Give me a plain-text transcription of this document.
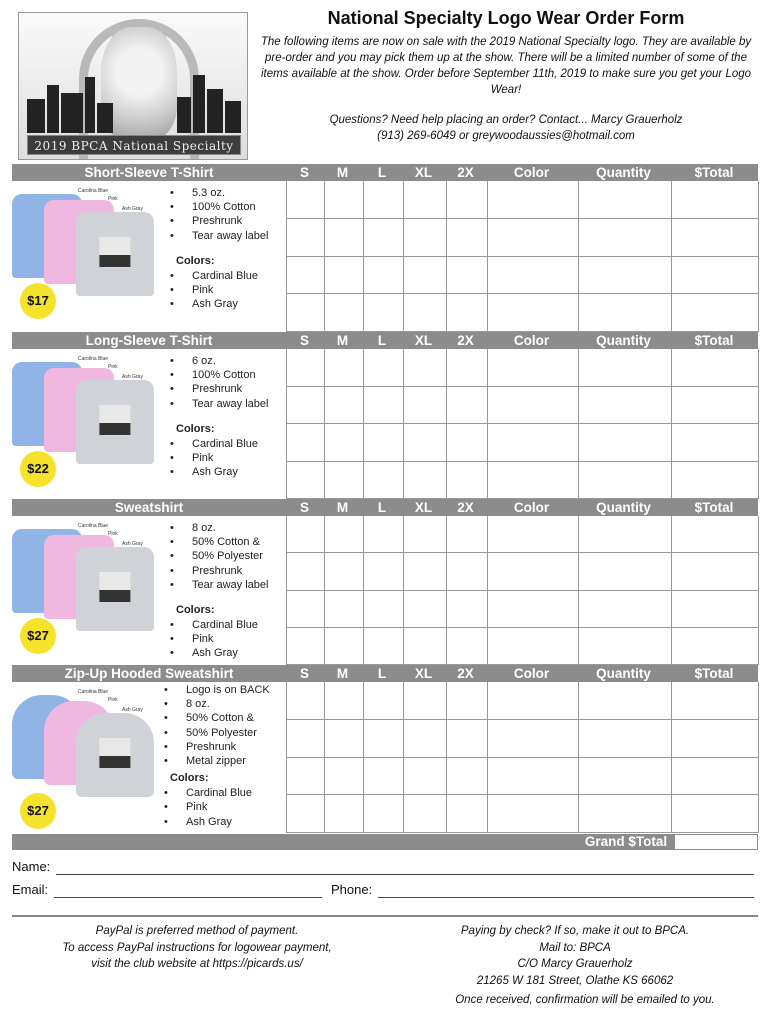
2019 BPCA National Specialty
National Specialty Logo Wear Order Form
The following items are now on sale with the 2019 National Specialty logo. They are available by pre-order and you may pick them up at the show. There will be a limited number of some of the items available at the show. Order before September 11th, 2019 to make sure you get your Logo Wear!
Questions? Need help placing an order? Contact... Marcy Grauerholz
(913) 269-6049 or greywoodaussies@hotmail.com
Short-Sleeve T-Shirt	S	M	L	XL	2X	Color	Quantity	$Total
Carolina Blue
Pink
Ash Gray
$17
• 5.3 oz.
• 100% Cotton
• Preshrunk
• Tear away label
Colors:
• Cardinal Blue
• Pink
• Ash Gray
Long-Sleeve T-Shirt	S	M	L	XL	2X	Color	Quantity	$Total
Carolina Blue
Pink
Ash Gray
$22
• 6 oz.
• 100% Cotton
• Preshrunk
• Tear away label
Colors:
• Cardinal Blue
• Pink
• Ash Gray
Sweatshirt	S	M	L	XL	2X	Color	Quantity	$Total
Carolina Blue
Pink
Ash Gray
$27
• 8 oz.
• 50% Cotton &
• 50% Polyester
• Preshrunk
• Tear away label
Colors:
• Cardinal Blue
• Pink
• Ash Gray
Zip-Up Hooded Sweatshirt	S	M	L	XL	2X	Color	Quantity	$Total
Carolina Blue
Pink
Ash Gray
$27
• Logo is on BACK
• 8 oz.
• 50% Cotton &
• 50% Polyester
• Preshrunk
• Metal zipper
Colors:
• Cardinal Blue
• Pink
• Ash Gray
Grand $Total
Name:
Email:	Phone:
PayPal is preferred method of payment.
To access PayPal instructions for logowear payment,
visit the club website at https://picards.us/
Paying by check? If so, make it out to BPCA.
Mail to: BPCA
C/O Marcy Grauerholz
21265 W 181 Street, Olathe KS 66062
Once received, confirmation will be emailed to you.
